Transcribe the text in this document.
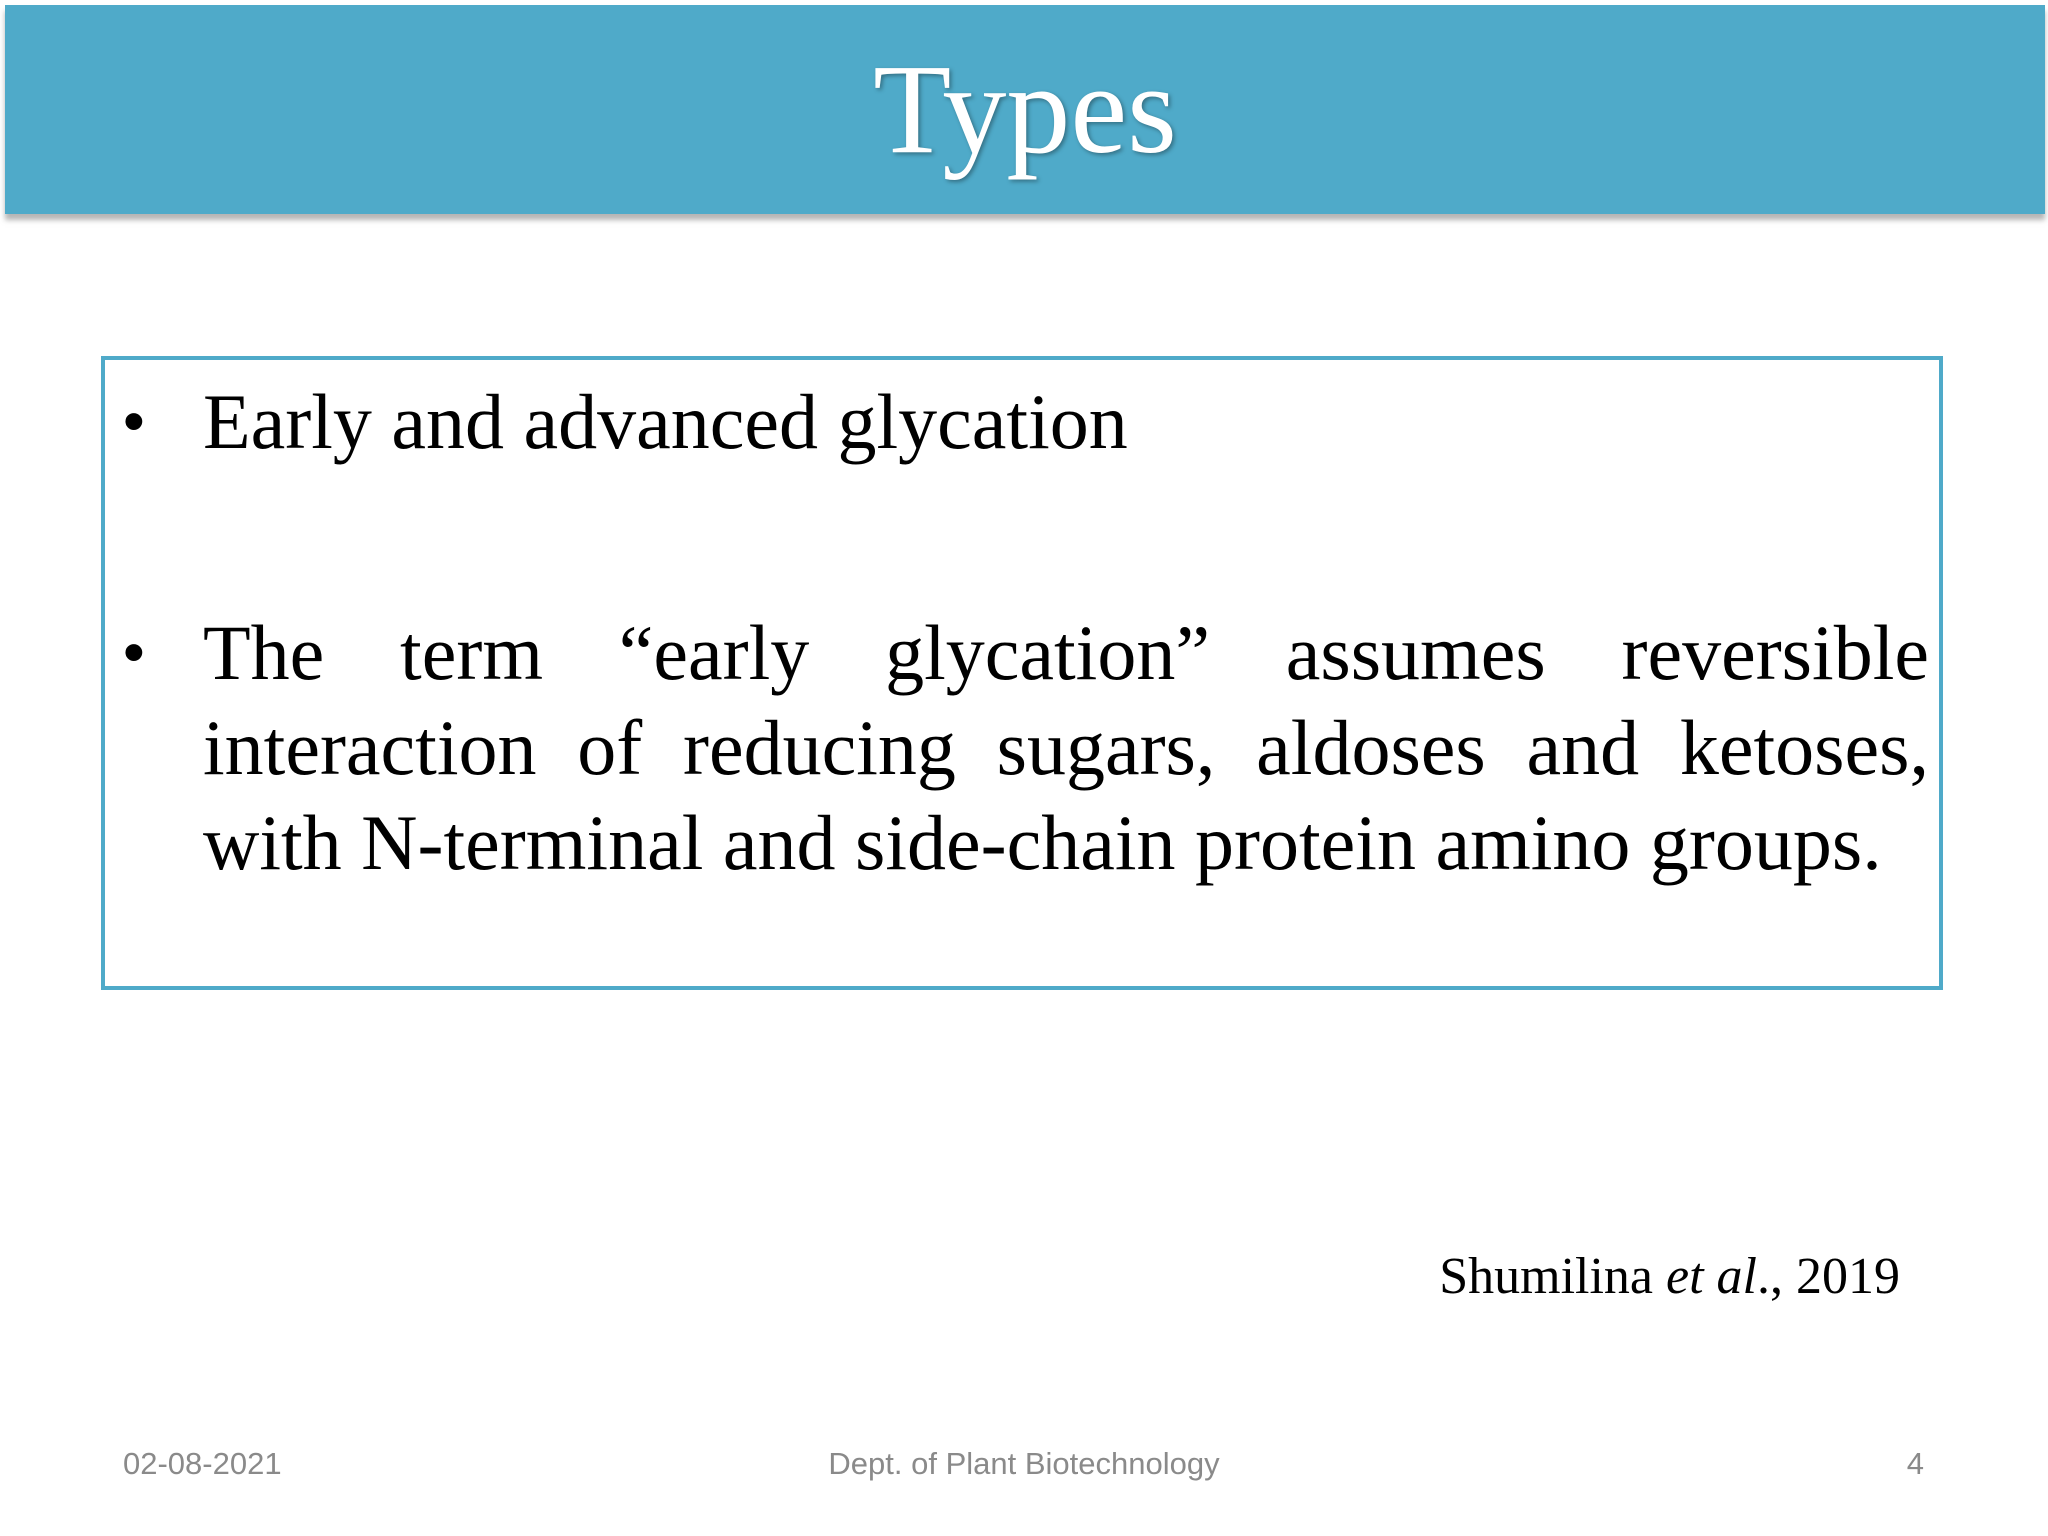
Types
• Early and advanced glycation
• The term “early glycation” assumes reversible interaction of reducing sugars, aldoses and ketoses, with N-terminal and side-chain protein amino groups.
Shumilina et al., 2019
Dept. of Plant Biotechnology
02-08-2021	4
